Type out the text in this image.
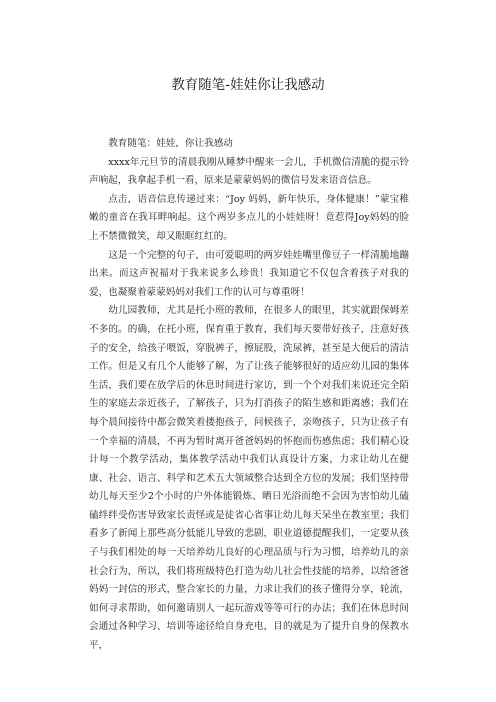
教育随笔-娃娃你让我感动

教育随笔：娃娃，你让我感动

xxxx年元旦节的清晨我刚从睡梦中醒来一会儿，手机微信清脆的提示铃声响起，我拿起手机一看，原来是蒙蒙妈妈的微信号发来语音信息。

点击，语音信息传递过来：“Joy 妈妈，新年快乐，身体健康！”蒙宝稚嫩的童音在我耳畔响起。这个两岁多点儿的小娃娃呀！竟惹得Joy妈妈的脸上不禁微微笑，却又眼眶红红的。

这是一个完整的句子，由可爱聪明的两岁娃娃嘴里像豆子一样清脆地蹦出来。而这声祝福对于我来说多么珍贵！我知道它不仅包含着孩子对我的爱，也凝聚着蒙蒙妈妈对我们工作的认可与尊重呀！

幼儿园教师，尤其是托小班的教师，在很多人的眼里，其实就跟保姆差不多的。的确，在托小班，保育重于教育，我们每天要带好孩子，注意好孩子的安全，给孩子喂饭，穿脱裤子，擦屁股，洗尿裤，甚至是大便后的清洁工作。但是又有几个人能够了解，为了让孩子能够很好的适应幼儿园的集体生活，我们要在放学后的休息时间进行家访，到一个个对我们来说还完全陌生的家庭去亲近孩子，了解孩子，只为打消孩子的陌生感和距离感；我们在每个晨间接待中都会微笑着搂抱孩子，问候孩子，亲吻孩子，只为让孩子有一个幸福的清晨，不再为暂时离开爸爸妈妈的怀抱而伤感焦虑；我们精心设计每一个教学活动，集体教学活动中我们认真设计方案，力求让幼儿在健康、社会、语言、科学和艺术五大领域整合达到全方位的发展；我们坚持带幼儿每天至少2个小时的户外体能锻炼、晒日光浴而绝不会因为害怕幼儿磕磕绊绊受伤害导致家长责怪或是徒省心省事让幼儿每天呆坐在教室里；我们看多了新闻上那些高分低能儿导致的悲剧，职业道德提醒我们，一定要从孩子与我们相处的每一天培养幼儿良好的心理品质与行为习惯，培养幼儿的亲社会行为，所以，我们将班级特色打造为幼儿社会性技能的培养，以给爸爸妈妈一封信的形式，整合家长的力量，力求让我们的孩子懂得分享，轮流，如何寻求帮助，如何邀请别人一起玩游戏等等可行的办法；我们在休息时间会通过各种学习、培训等途径给自身充电，目的就是为了提升自身的保教水平，
